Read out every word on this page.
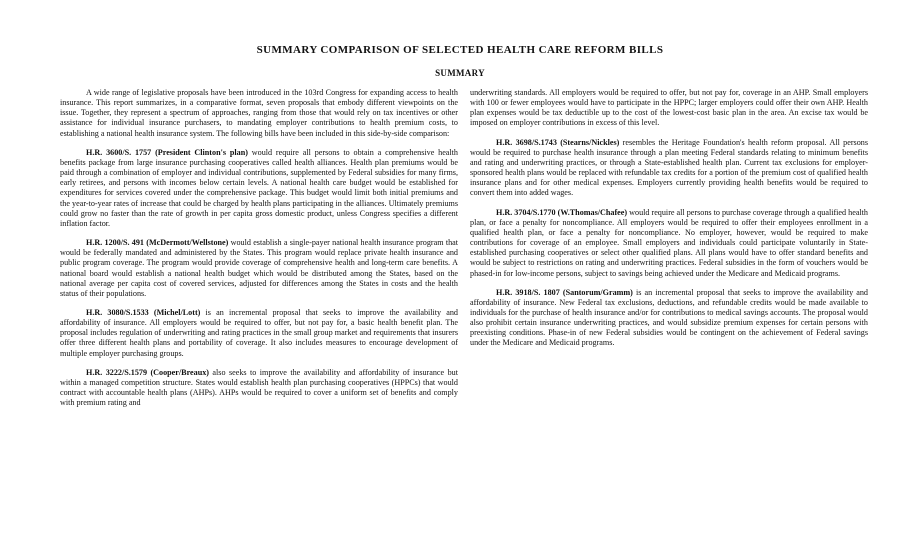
SUMMARY COMPARISON OF SELECTED HEALTH CARE REFORM BILLS
SUMMARY

A wide range of legislative proposals have been introduced in the 103rd Congress for expanding access to health insurance. This report summarizes, in a comparative format, seven proposals that embody different viewpoints on the issue. Together, they represent a spectrum of approaches, ranging from those that would rely on tax incentives or other assistance for individual insurance purchasers, to mandating employer contributions to health premium costs, to establishing a national health insurance system. The following bills have been included in this side-by-side comparison:

H.R. 3600/S. 1757 (President Clinton's plan) would require all persons to obtain a comprehensive health benefits package from large insurance purchasing cooperatives called health alliances. Health plan premiums would be paid through a combination of employer and individual contributions, supplemented by Federal subsidies for many firms, early retirees, and persons with incomes below certain levels. A national health care budget would be established for expenditures for services covered under the comprehensive package. This budget would limit both initial premiums and the year-to-year rates of increase that could be charged by health plans participating in the alliances. Ultimately premiums could grow no faster than the rate of growth in per capita gross domestic product, unless Congress specifies a different inflation factor.

H.R. 1200/S. 491 (McDermott/Wellstone) would establish a single-payer national health insurance program that would be federally mandated and administered by the States. This program would replace private health insurance and public program coverage. The program would provide coverage of comprehensive health and long-term care benefits. A national board would establish a national health budget which would be distributed among the States, based on the national average per capita cost of covered services, adjusted for differences among the States in costs and the health status of their populations.

H.R. 3080/S.1533 (Michel/Lott) is an incremental proposal that seeks to improve the availability and affordability of insurance. All employers would be required to offer, but not pay for, a basic health benefit plan. The proposal includes regulation of underwriting and rating practices in the small group market and requirements that insurers offer three different health plans and portability of coverage. It also includes measures to encourage development of multiple employer purchasing groups.

H.R. 3222/S.1579 (Cooper/Breaux) also seeks to improve the availability and affordability of insurance but within a managed competition structure. States would establish health plan purchasing cooperatives (HPPCs) that would contract with accountable health plans (AHPs). AHPs would be required to cover a uniform set of benefits and comply with premium rating and

underwriting standards. All employers would be required to offer, but not pay for, coverage in an AHP. Small employers with 100 or fewer employees would have to participate in the HPPC; larger employers could offer their own AHP. Health plan expenses would be tax deductible up to the cost of the lowest-cost basic plan in the area. An excise tax would be imposed on employer contributions in excess of this level.

H.R. 3698/S.1743 (Stearns/Nickles) resembles the Heritage Foundation's health reform proposal. All persons would be required to purchase health insurance through a plan meeting Federal standards relating to minimum benefits and rating and underwriting practices, or through a State-established health plan. Current tax exclusions for employer-sponsored health plans would be replaced with refundable tax credits for a portion of the premium cost of qualified health insurance plans and for other medical expenses. Employers currently providing health benefits would be required to convert them into added wages.

H.R. 3704/S.1770 (W.Thomas/Chafee) would require all persons to purchase coverage through a qualified health plan, or face a penalty for noncompliance. All employers would be required to offer their employees enrollment in a qualified health plan, or face a penalty for noncompliance. No employer, however, would be required to make contributions for coverage of an employee. Small employers and individuals could participate voluntarily in State-established purchasing cooperatives or select other qualified plans. All plans would have to offer standard benefits and would be subject to restrictions on rating and underwriting practices. Federal subsidies in the form of vouchers would be phased-in for low-income persons, subject to savings being achieved under the Medicare and Medicaid programs.

H.R. 3918/S. 1807 (Santorum/Gramm) is an incremental proposal that seeks to improve the availability and affordability of insurance. New Federal tax exclusions, deductions, and refundable credits would be made available to individuals for the purchase of health insurance and/or for contributions to medical savings accounts. The proposal would also prohibit certain insurance underwriting practices, and would subsidize premium expenses for certain persons with preexisting conditions. Phase-in of new Federal subsidies would be contingent on the achievement of Federal savings under the Medicare and Medicaid programs.
